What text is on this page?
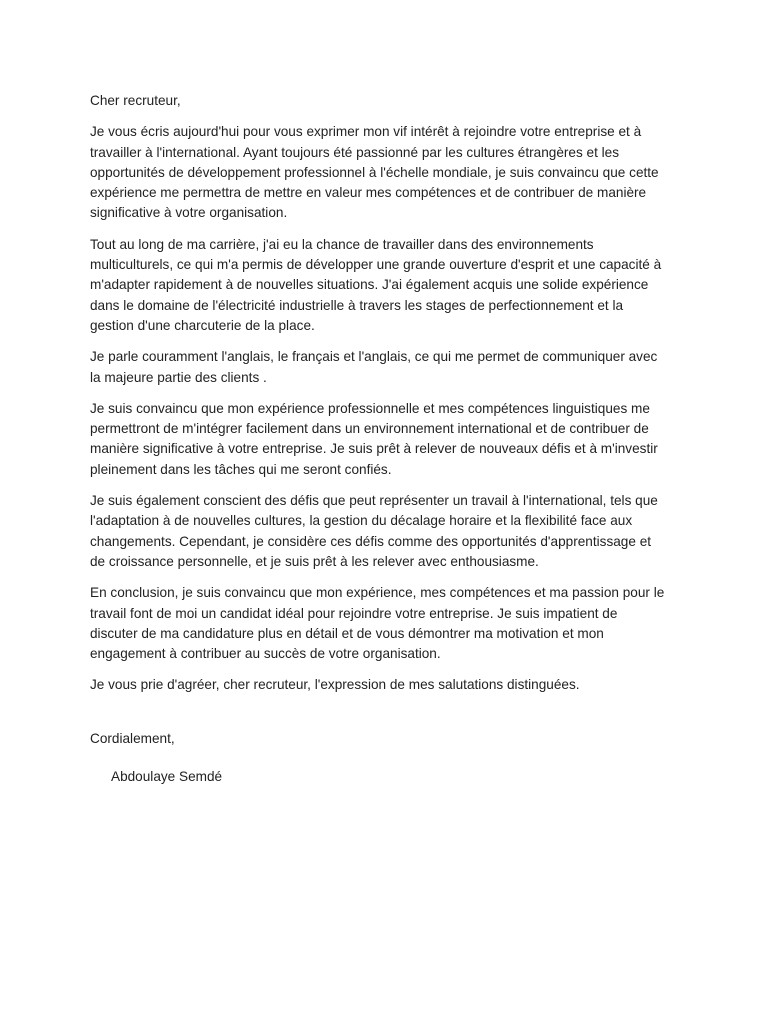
Cher recruteur,
Je vous écris aujourd'hui pour vous exprimer mon vif intérêt à rejoindre votre entreprise et à
travailler à l'international. Ayant toujours été passionné par les cultures étrangères et les
opportunités de développement professionnel à l'échelle mondiale, je suis convaincu que cette
expérience me permettra de mettre en valeur mes compétences et de contribuer de manière
significative à votre organisation.
Tout au long de ma carrière, j'ai eu la chance de travailler dans des environnements
multiculturels, ce qui m'a permis de développer une grande ouverture d'esprit et une capacité à
m'adapter rapidement à de nouvelles situations. J'ai également acquis une solide expérience
dans le domaine de l'électricité industrielle à travers les stages de perfectionnement et la
gestion d'une charcuterie de la place.
Je parle couramment l'anglais, le français et l'anglais, ce qui me permet de communiquer avec
la majeure partie des clients .
Je suis convaincu que mon expérience professionnelle et mes compétences linguistiques me
permettront de m'intégrer facilement dans un environnement international et de contribuer de
manière significative à votre entreprise. Je suis prêt à relever de nouveaux défis et à m'investir
pleinement dans les tâches qui me seront confiés.
Je suis également conscient des défis que peut représenter un travail à l'international, tels que
l'adaptation à de nouvelles cultures, la gestion du décalage horaire et la flexibilité face aux
changements. Cependant, je considère ces défis comme des opportunités d'apprentissage et
de croissance personnelle, et je suis prêt à les relever avec enthousiasme.
En conclusion, je suis convaincu que mon expérience, mes compétences et ma passion pour le
travail font de moi un candidat idéal pour rejoindre votre entreprise. Je suis impatient de
discuter de ma candidature plus en détail et de vous démontrer ma motivation et mon
engagement à contribuer au succès de votre organisation.
Je vous prie d'agréer, cher recruteur, l'expression de mes salutations distinguées.
Cordialement,
Abdoulaye Semdé
